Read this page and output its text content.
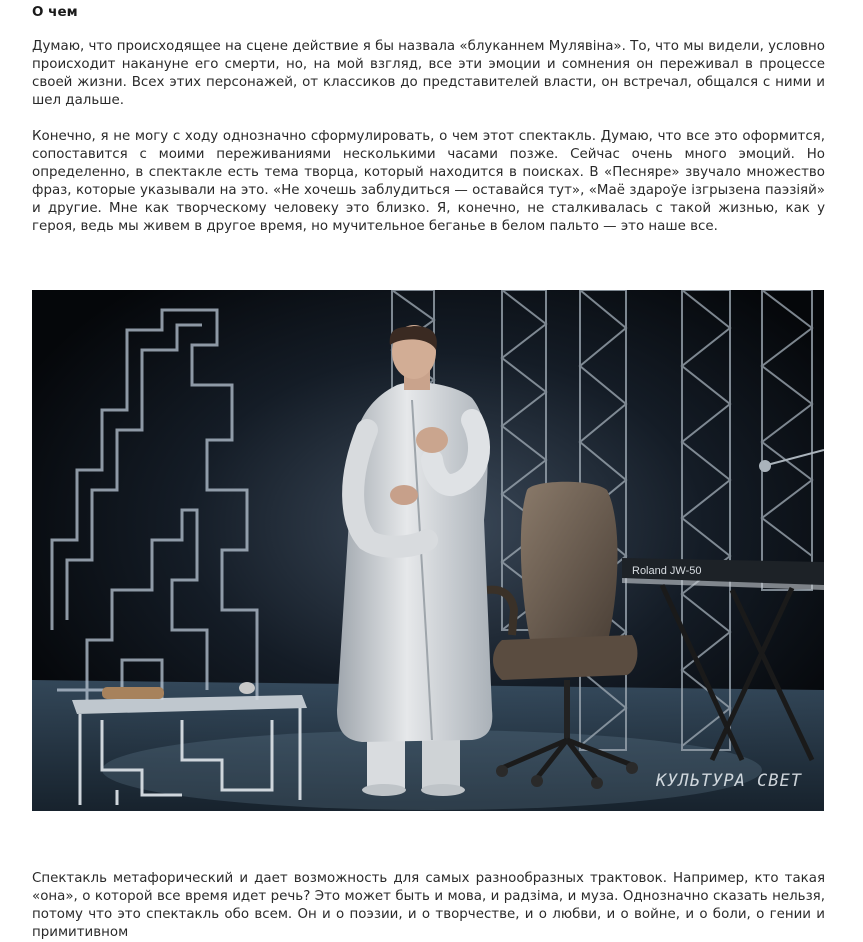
О чем

Думаю, что происходящее на сцене действие я бы назвала «блуканнем Мулявіна». То, что мы видели, условно происходит накануне его смерти, но, на мой взгляд, все эти эмоции и сомнения он переживал в процессе своей жизни. Всех этих персонажей, от классиков до представителей власти, он встречал, общался с ними и шел дальше.

Конечно, я не могу с ходу однозначно сформулировать, о чем этот спектакль. Думаю, что все это оформится, сопоставится с моими переживаниями несколькими часами позже. Сейчас очень много эмоций. Но определенно, в спектакле есть тема творца, который находится в поисках. В «Песняре» звучало множество фраз, которые указывали на это. «Не хочешь заблудиться — оставайся тут», «Маё здароўе ізгрызена паэзіяй» и другие. Мне как творческому человеку это близко. Я, конечно, не сталкивалась с такой жизнью, как у героя, ведь мы живем в другое время, но мучительное беганье в белом пальто — это наше все.

Roland JW-50
КУЛЬТУРА СВЕТ

Спектакль метафорический и дает возможность для самых разнообразных трактовок. Например, кто такая «она», о которой все время идет речь? Это может быть и мова, и радзіма, и муза. Однозначно сказать нельзя, потому что это спектакль обо всем. Он и о поэзии, и о творчестве, и о любви, и о войне, и о боли, о гении и примитивном
